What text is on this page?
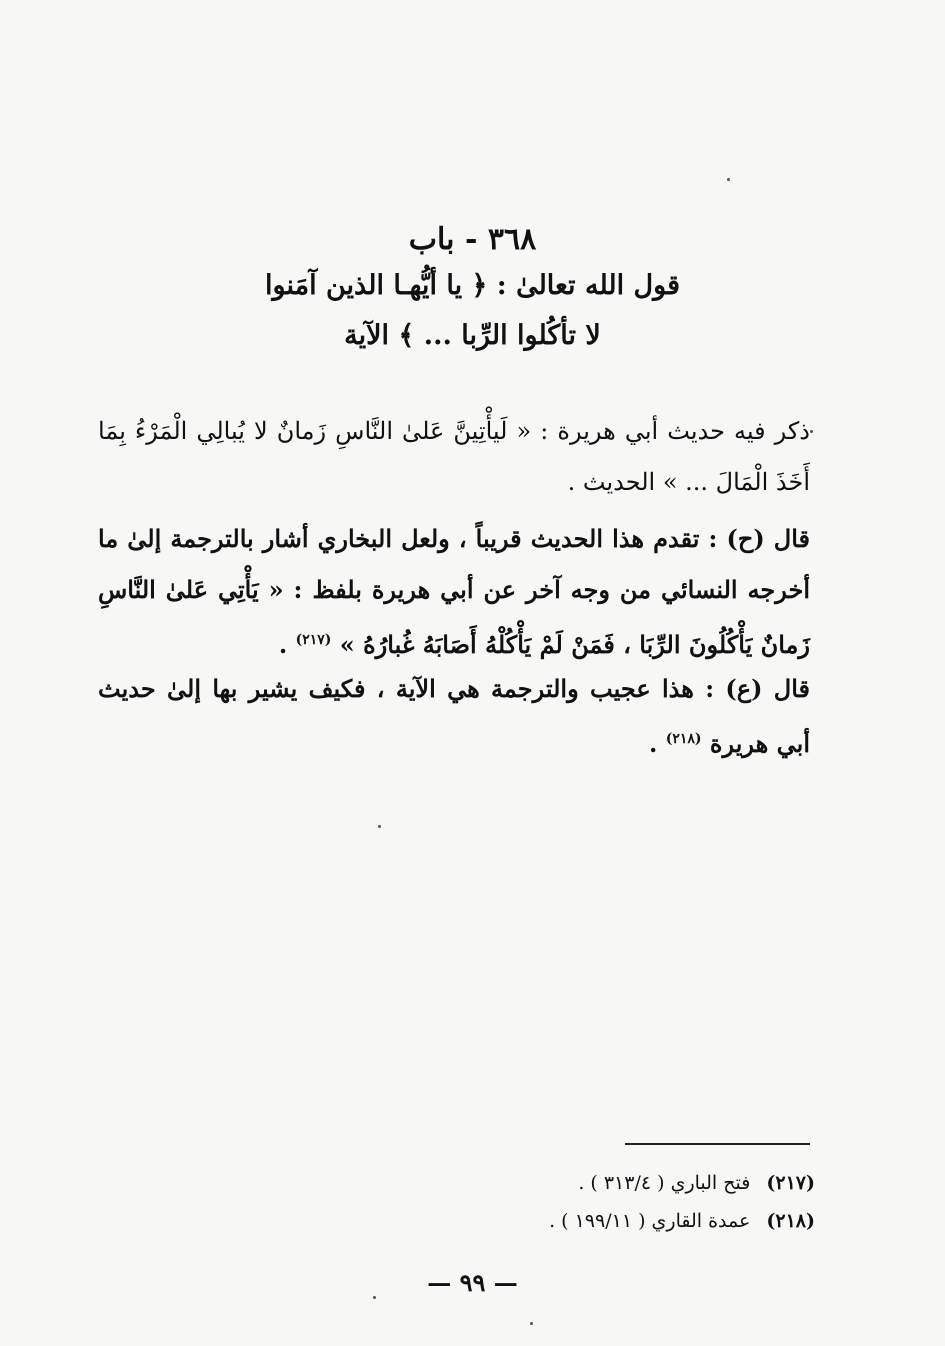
٣٦٨ - باب
قول الله تعالىٰ : ﴿ يا أيُّهـا الذين آمَنوا
لا تأكُلوا الرِّبا ... ﴾ الآية
ذكر فيه حديث أبي هريرة : « لَيأْتِينَّ عَلىٰ النَّاسِ زَمانٌ لا يُبالِي الْمَرْءُ بِمَا أَخَذَ الْمَالَ ... » الحديث .
قال (ح) : تقدم هذا الحديث قريباً ، ولعل البخاري أشار بالترجمة إلىٰ ما أخرجه النسائي من وجه آخر عن أبي هريرة بلفظ : « يَأْتِي عَلىٰ النَّاسِ زَمانٌ يَأْكُلُونَ الرِّبَا ، فَمَنْ لَمْ يَأْكُلْهُ أَصَابَهُ غُبارُهُ » $^{(٢١٧)}$ .
قال (ع) : هذا عجيب والترجمة هي الآية ، فكيف يشير بها إلىٰ حديث أبي هريرة $^{(٢١٨)}$ .
(٢١٧) فتح الباري ( ٣١٣/٤ ) .
(٢١٨) عمدة القاري ( ١٩٩/١١ ) .
— ٩٩ —
